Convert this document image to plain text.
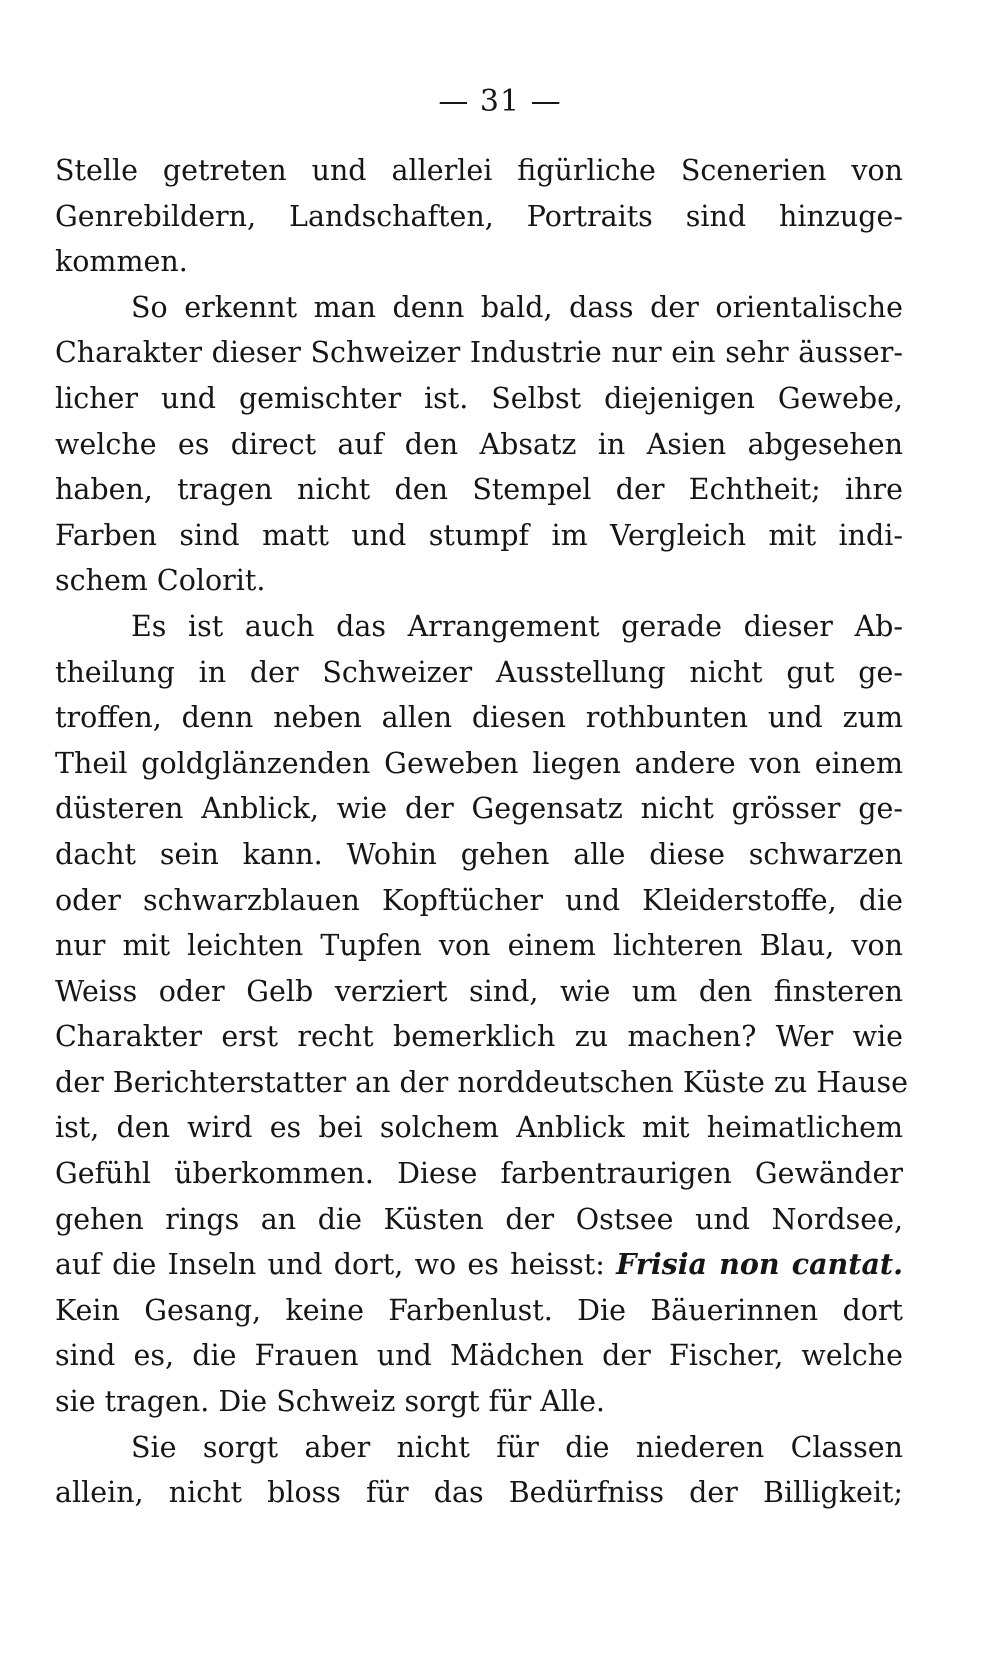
— 31 —

Stelle getreten und allerlei figürliche Scenerien von
Genrebildern, Landschaften, Portraits sind hinzuge-
kommen.

So erkennt man denn bald, dass der orientalische
Charakter dieser Schweizer Industrie nur ein sehr äusser-
licher und gemischter ist. Selbst diejenigen Gewebe,
welche es direct auf den Absatz in Asien abgesehen
haben, tragen nicht den Stempel der Echtheit; ihre
Farben sind matt und stumpf im Vergleich mit indi-
schem Colorit.

Es ist auch das Arrangement gerade dieser Ab-
theilung in der Schweizer Ausstellung nicht gut ge-
troffen, denn neben allen diesen rothbunten und zum
Theil goldglänzenden Geweben liegen andere von einem
düsteren Anblick, wie der Gegensatz nicht grösser ge-
dacht sein kann. Wohin gehen alle diese schwarzen
oder schwarzblauen Kopftücher und Kleiderstoffe, die
nur mit leichten Tupfen von einem lichteren Blau, von
Weiss oder Gelb verziert sind, wie um den finsteren
Charakter erst recht bemerklich zu machen? Wer wie
der Berichterstatter an der norddeutschen Küste zu Hause
ist, den wird es bei solchem Anblick mit heimatlichem
Gefühl überkommen. Diese farbentraurigen Gewänder
gehen rings an die Küsten der Ostsee und Nordsee,
auf die Inseln und dort, wo es heisst: Frisia non cantat.
Kein Gesang, keine Farbenlust. Die Bäuerinnen dort
sind es, die Frauen und Mädchen der Fischer, welche
sie tragen. Die Schweiz sorgt für Alle.

Sie sorgt aber nicht für die niederen Classen
allein, nicht bloss für das Bedürfniss der Billigkeit;
